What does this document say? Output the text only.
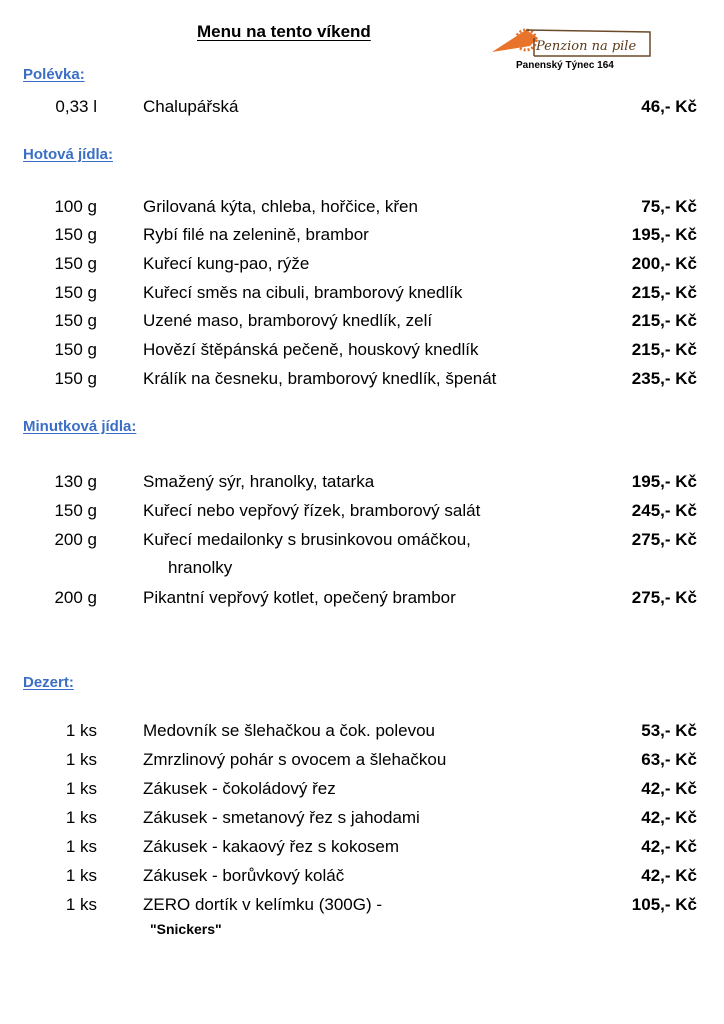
Menu na tento víkend
Penzion na pile
Panenský Týnec 164
Polévka:
0,33 l	Chalupářská	46,- Kč
Hotová jídla:
100 g	Grilovaná kýta, chleba, hořčice, křen	75,- Kč
150 g	Rybí filé na zelenině, brambor	195,- Kč
150 g	Kuřecí kung-pao, rýže	200,- Kč
150 g	Kuřecí směs na cibuli, bramborový knedlík	215,- Kč
150 g	Uzené maso, bramborový knedlík, zelí	215,- Kč
150 g	Hovězí štěpánská pečeně, houskový knedlík	215,- Kč
150 g	Králík na česneku, bramborový knedlík, špenát	235,- Kč
Minutková jídla:
130 g	Smažený sýr, hranolky, tatarka	195,- Kč
150 g	Kuřecí nebo vepřový řízek, bramborový salát	245,- Kč
200 g	Kuřecí medailonky s brusinkovou omáčkou,	275,- Kč
hranolky
200 g	Pikantní vepřový kotlet, opečený brambor	275,- Kč
Dezert:
1 ks	Medovník se šlehačkou a čok. polevou	53,- Kč
1 ks	Zmrzlinový pohár s ovocem a šlehačkou	63,- Kč
1 ks	Zákusek - čokoládový řez	42,- Kč
1 ks	Zákusek - smetanový řez s jahodami	42,- Kč
1 ks	Zákusek - kakaový řez s kokosem	42,- Kč
1 ks	Zákusek - borůvkový koláč	42,- Kč
1 ks	ZERO dortík v kelímku (300G) -	105,- Kč
"Snickers"
